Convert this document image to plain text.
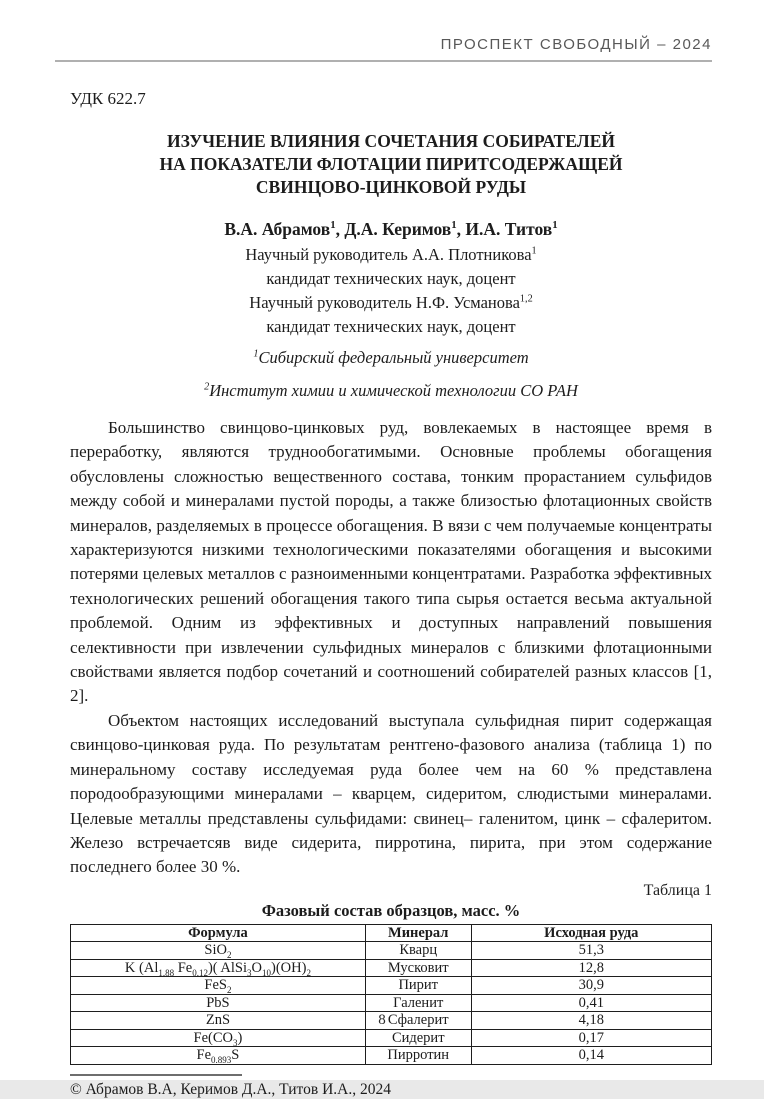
ПРОСПЕКТ СВОБОДНЫЙ – 2024
УДК 622.7
ИЗУЧЕНИЕ ВЛИЯНИЯ СОЧЕТАНИЯ СОБИРАТЕЛЕЙ
НА ПОКАЗАТЕЛИ ФЛОТАЦИИ ПИРИТСОДЕРЖАЩЕЙ
СВИНЦОВО-ЦИНКОВОЙ РУДЫ
В.А. Абрамов$^1$, Д.А. Керимов$^1$, И.А. Титов$^1$
Научный руководитель А.А. Плотникова$^1$
кандидат технических наук, доцент
Научный руководитель Н.Ф. Усманова$^{1,2}$
кандидат технических наук, доцент
$^1$Сибирский федеральный университет
$^2$Институт химии и химической технологии СО РАН

Большинство свинцово-цинковых руд, вовлекаемых в настоящее время в переработку, являются труднообогатимыми. Основные проблемы обогащения обусловлены сложностью вещественного состава, тонким прорастанием сульфидов между собой и минералами пустой породы, а также близостью флотационных свойств минералов, разделяемых в процессе обогащения. В вязи с чем получаемые концентраты характеризуются низкими технологическими показателями обогащения и высокими потерями целевых металлов с разноименными концентратами. Разработка эффективных технологических решений обогащения такого типа сырья остается весьма актуальной проблемой. Одним из эффективных и доступных направлений повышения селективности при извлечении сульфидных минералов с близкими флотационными свойствами является подбор сочетаний и соотношений собирателей разных классов [1, 2].

Объектом настоящих исследований выступала сульфидная пирит содержащая свинцово-цинковая руда. По результатам рентгено-фазового анализа (таблица 1) по минеральному составу исследуемая руда более чем на 60 % представлена породообразующими минералами – кварцем, сидеритом, слюдистыми минералами. Целевые металлы представлены сульфидами: свинец– галенитом, цинк – сфалеритом. Железо встречаетсяв виде сидерита, пирротина, пирита, при этом содержание последнего более 30 %.

Таблица 1
Фазовый состав образцов, масс. %
Формула	Минерал	Исходная руда
SiO$_2$	Кварц	51,3
K ($Al_{1.88}$ $Fe_{0.12}$)( $AlSi_3O_{10})(OH)_2$	Мусковит	12,8
FeS$_2$	Пирит	30,9
PbS	Галенит	0,41
ZnS	Сфалерит	4,18
$Fe(CO_3)$	Сидерит	0,17
$Fe_{0.893}S$	Пирротин	0,14
© Абрамов В.А, Керимов Д.А., Титов И.А., 2024
8
